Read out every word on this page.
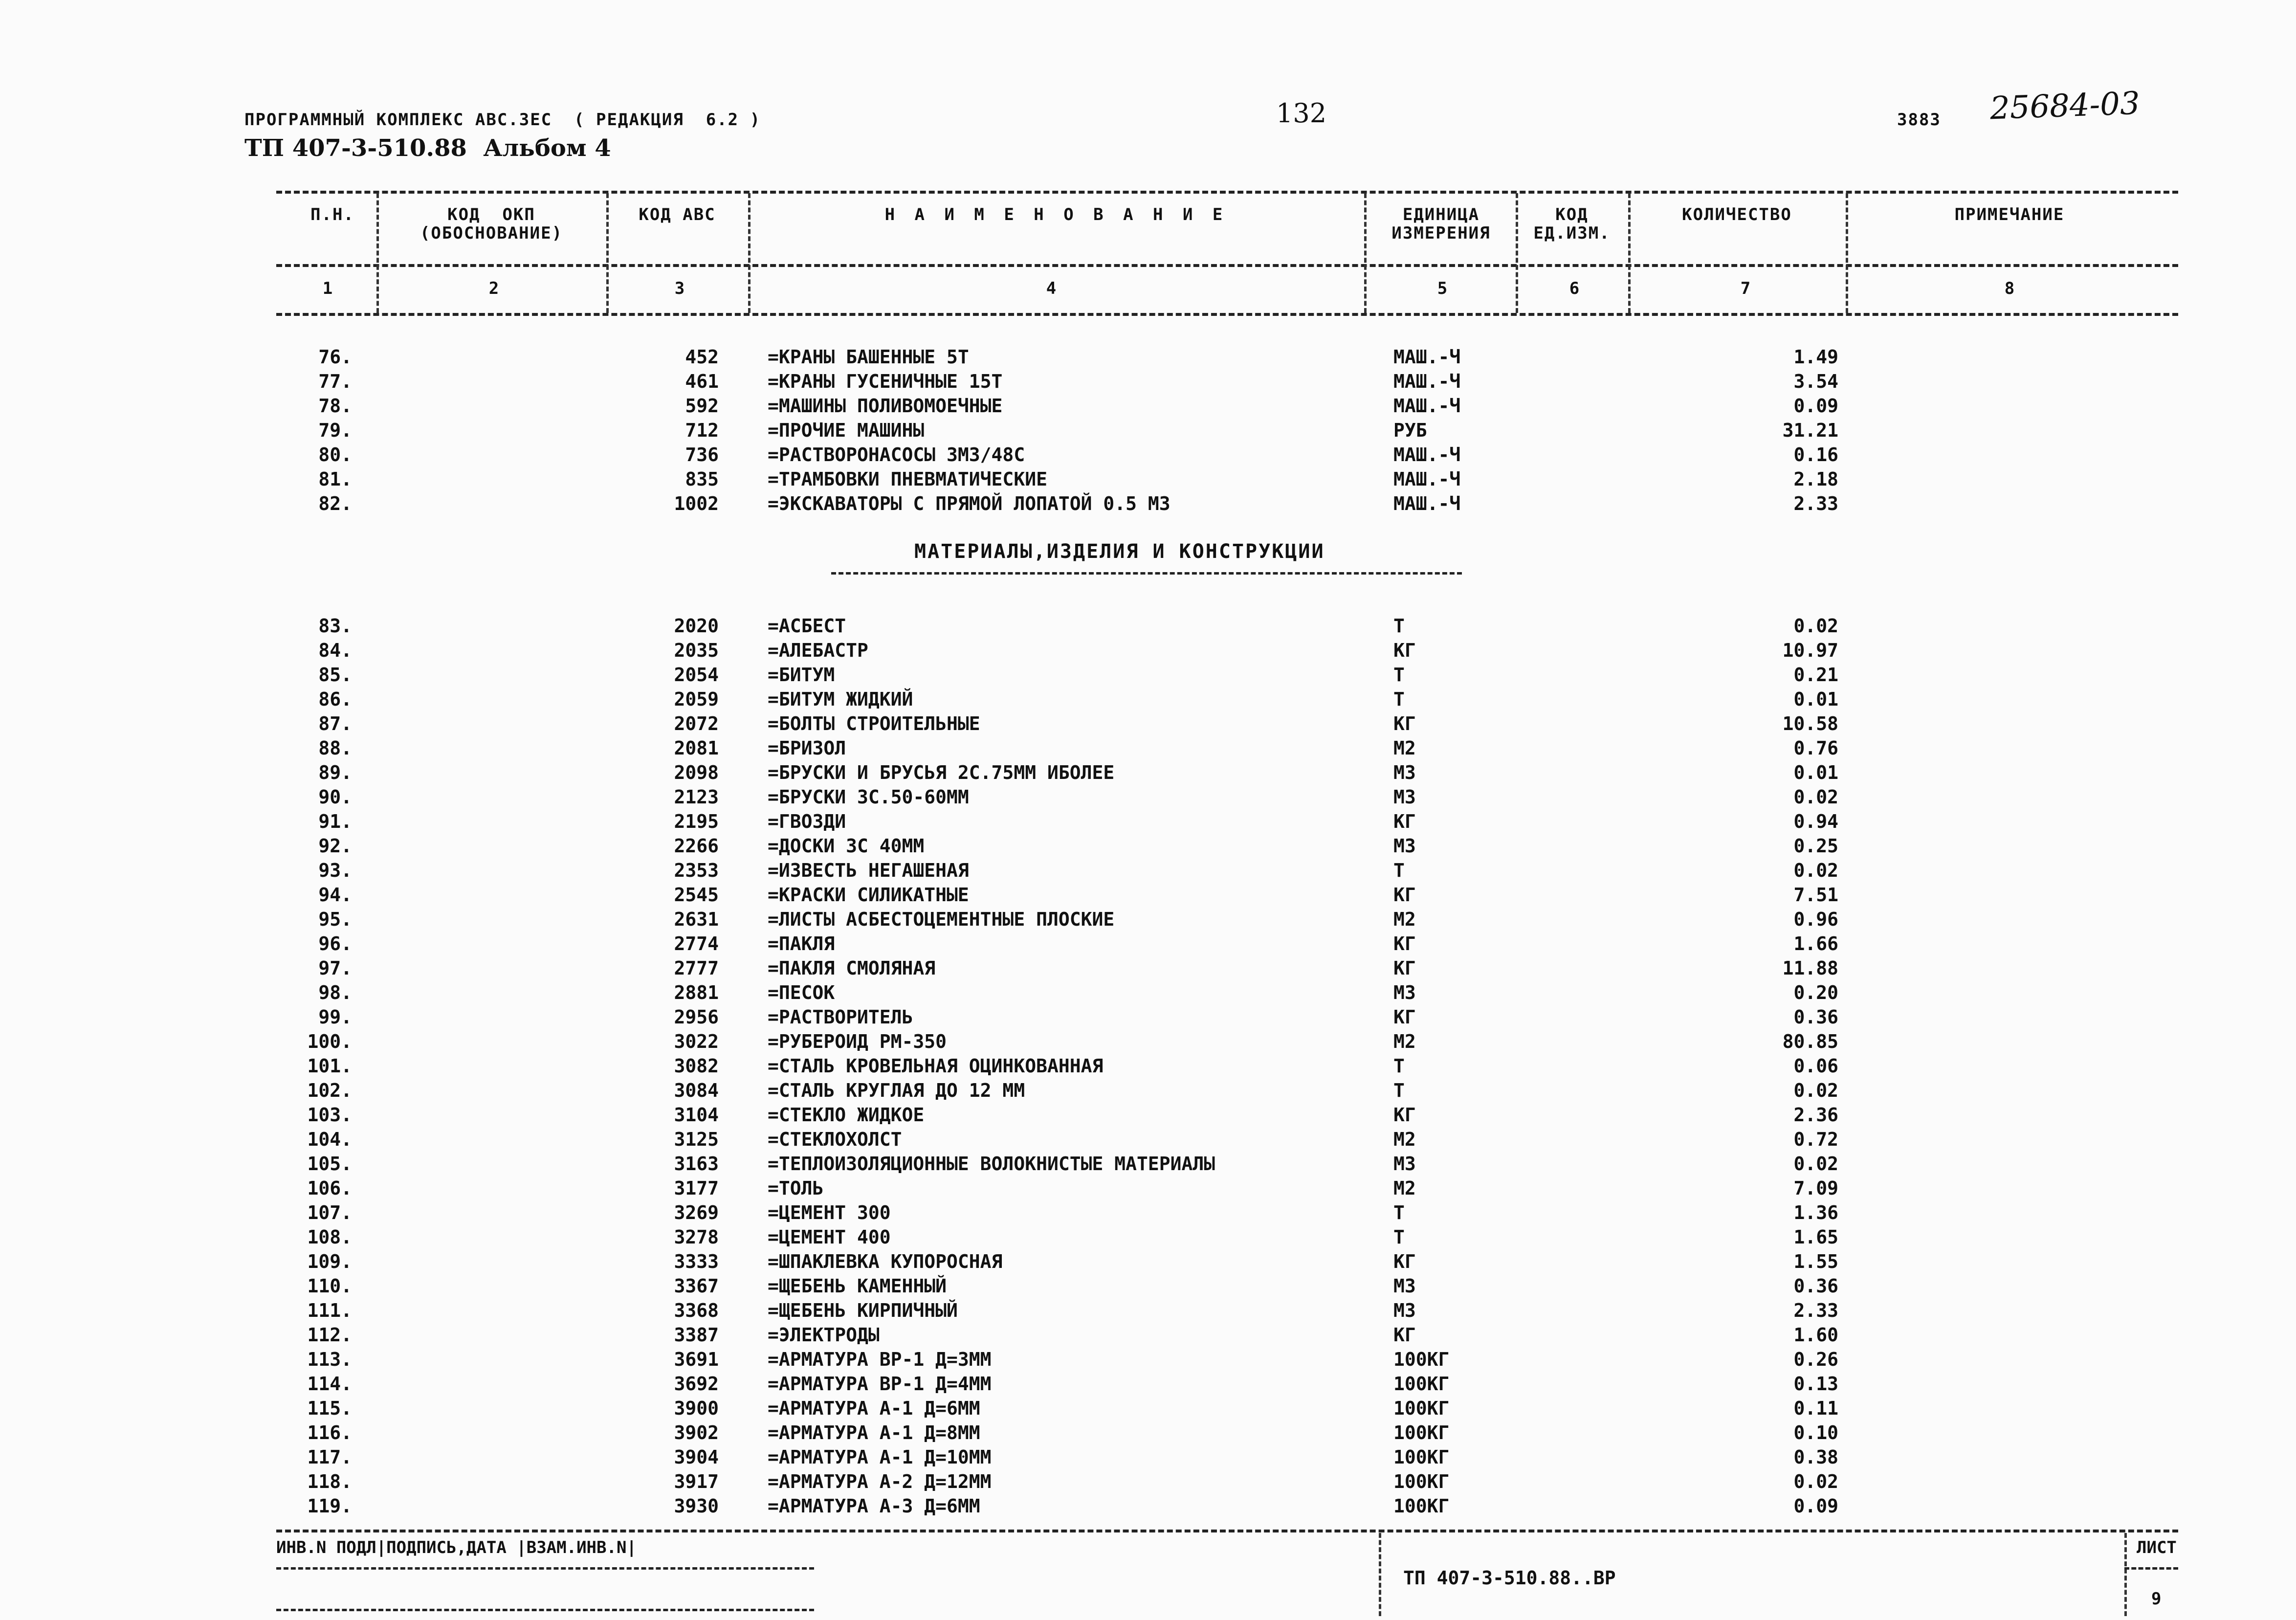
ПРОГРАММНЫЙ КОМПЛЕКС АВС.3ЕС  ( РЕДАКЦИЯ  6.2 )
ТП 407-3-510.88  Альбом 4
132	3883 25684-03
П.Н.	КОД  ОКП
(ОБОСНОВАНИЕ)
КОД АВС	Н А И М Е Н О В А Н И Е	ЕДИНИЦА
ИЗМЕРЕНИЯ
КОД
ЕД.ИЗМ.
КОЛИЧЕСТВО	ПРИМЕЧАНИЕ
1	2	3	4	5	6	7	8
76.	452	=КРАНЫ БАШЕННЫЕ 5Т	МАШ.-Ч	1.49
77.	461	=КРАНЫ ГУСЕНИЧНЫЕ 15Т	МАШ.-Ч	3.54
78.	592	=МАШИНЫ ПОЛИВОМОЕЧНЫЕ	МАШ.-Ч	0.09
79.	712	=ПРОЧИЕ МАШИНЫ	РУБ	31.21
80.	736	=РАСТВОРОНАСОСЫ 3М3/48С	МАШ.-Ч	0.16
81.	835	=ТРАМБОВКИ ПНЕВМАТИЧЕСКИЕ	МАШ.-Ч	2.18
82.	1002	=ЭКСКАВАТОРЫ С ПРЯМОЙ ЛОПАТОЙ 0.5 М3	МАШ.-Ч	2.33
МАТЕРИАЛЫ,ИЗДЕЛИЯ И КОНСТРУКЦИИ
83.	2020	=АСБЕСТ	Т	0.02
84.	2035	=АЛЕБАСТР	КГ	10.97
85.	2054	=БИТУМ	Т	0.21
86.	2059	=БИТУМ ЖИДКИЙ	Т	0.01
87.	2072	=БОЛТЫ СТРОИТЕЛЬНЫЕ	КГ	10.58
88.	2081	=БРИЗОЛ	М2	0.76
89.	2098	=БРУСКИ И БРУСЬЯ 2С.75ММ ИБОЛЕЕ	М3	0.01
90.	2123	=БРУСКИ 3С.50-60ММ	М3	0.02
91.	2195	=ГВОЗДИ	КГ	0.94
92.	2266	=ДОСКИ 3С 40ММ	М3	0.25
93.	2353	=ИЗВЕСТЬ НЕГАШЕНАЯ	Т	0.02
94.	2545	=КРАСКИ СИЛИКАТНЫЕ	КГ	7.51
95.	2631	=ЛИСТЫ АСБЕСТОЦЕМЕНТНЫЕ ПЛОСКИЕ	М2	0.96
96.	2774	=ПАКЛЯ	КГ	1.66
97.	2777	=ПАКЛЯ СМОЛЯНАЯ	КГ	11.88
98.	2881	=ПЕСОК	М3	0.20
99.	2956	=РАСТВОРИТЕЛЬ	КГ	0.36
100.	3022	=РУБЕРОИД РМ-350	М2	80.85
101.	3082	=СТАЛЬ КРОВЕЛЬНАЯ ОЦИНКОВАННАЯ	Т	0.06
102.	3084	=СТАЛЬ КРУГЛАЯ ДО 12 ММ	Т	0.02
103.	3104	=СТЕКЛО ЖИДКОЕ	КГ	2.36
104.	3125	=СТЕКЛОХОЛСТ	М2	0.72
105.	3163	=ТЕПЛОИЗОЛЯЦИОННЫЕ ВОЛОКНИСТЫЕ МАТЕРИАЛЫ	М3	0.02
106.	3177	=ТОЛЬ	М2	7.09
107.	3269	=ЦЕМЕНТ 300	Т	1.36
108.	3278	=ЦЕМЕНТ 400	Т	1.65
109.	3333	=ШПАКЛЕВКА КУПОРОСНАЯ	КГ	1.55
110.	3367	=ЩЕБЕНЬ КАМЕННЫЙ	М3	0.36
111.	3368	=ЩЕБЕНЬ КИРПИЧНЫЙ	М3	2.33
112.	3387	=ЭЛЕКТРОДЫ	КГ	1.60
113.	3691	=АРМАТУРА ВР-1 Д=3ММ	100КГ	0.26
114.	3692	=АРМАТУРА ВР-1 Д=4ММ	100КГ	0.13
115.	3900	=АРМАТУРА А-1 Д=6ММ	100КГ	0.11
116.	3902	=АРМАТУРА А-1 Д=8ММ	100КГ	0.10
117.	3904	=АРМАТУРА А-1 Д=10ММ	100КГ	0.38
118.	3917	=АРМАТУРА А-2 Д=12ММ	100КГ	0.02
119.	3930	=АРМАТУРА А-3 Д=6ММ	100КГ	0.09
ИНВ.N ПОДЛ|ПОДПИСЬ,ДАТА |ВЗАМ.ИНВ.N|
ТП 407-3-510.88..ВР
ЛИСТ
9
